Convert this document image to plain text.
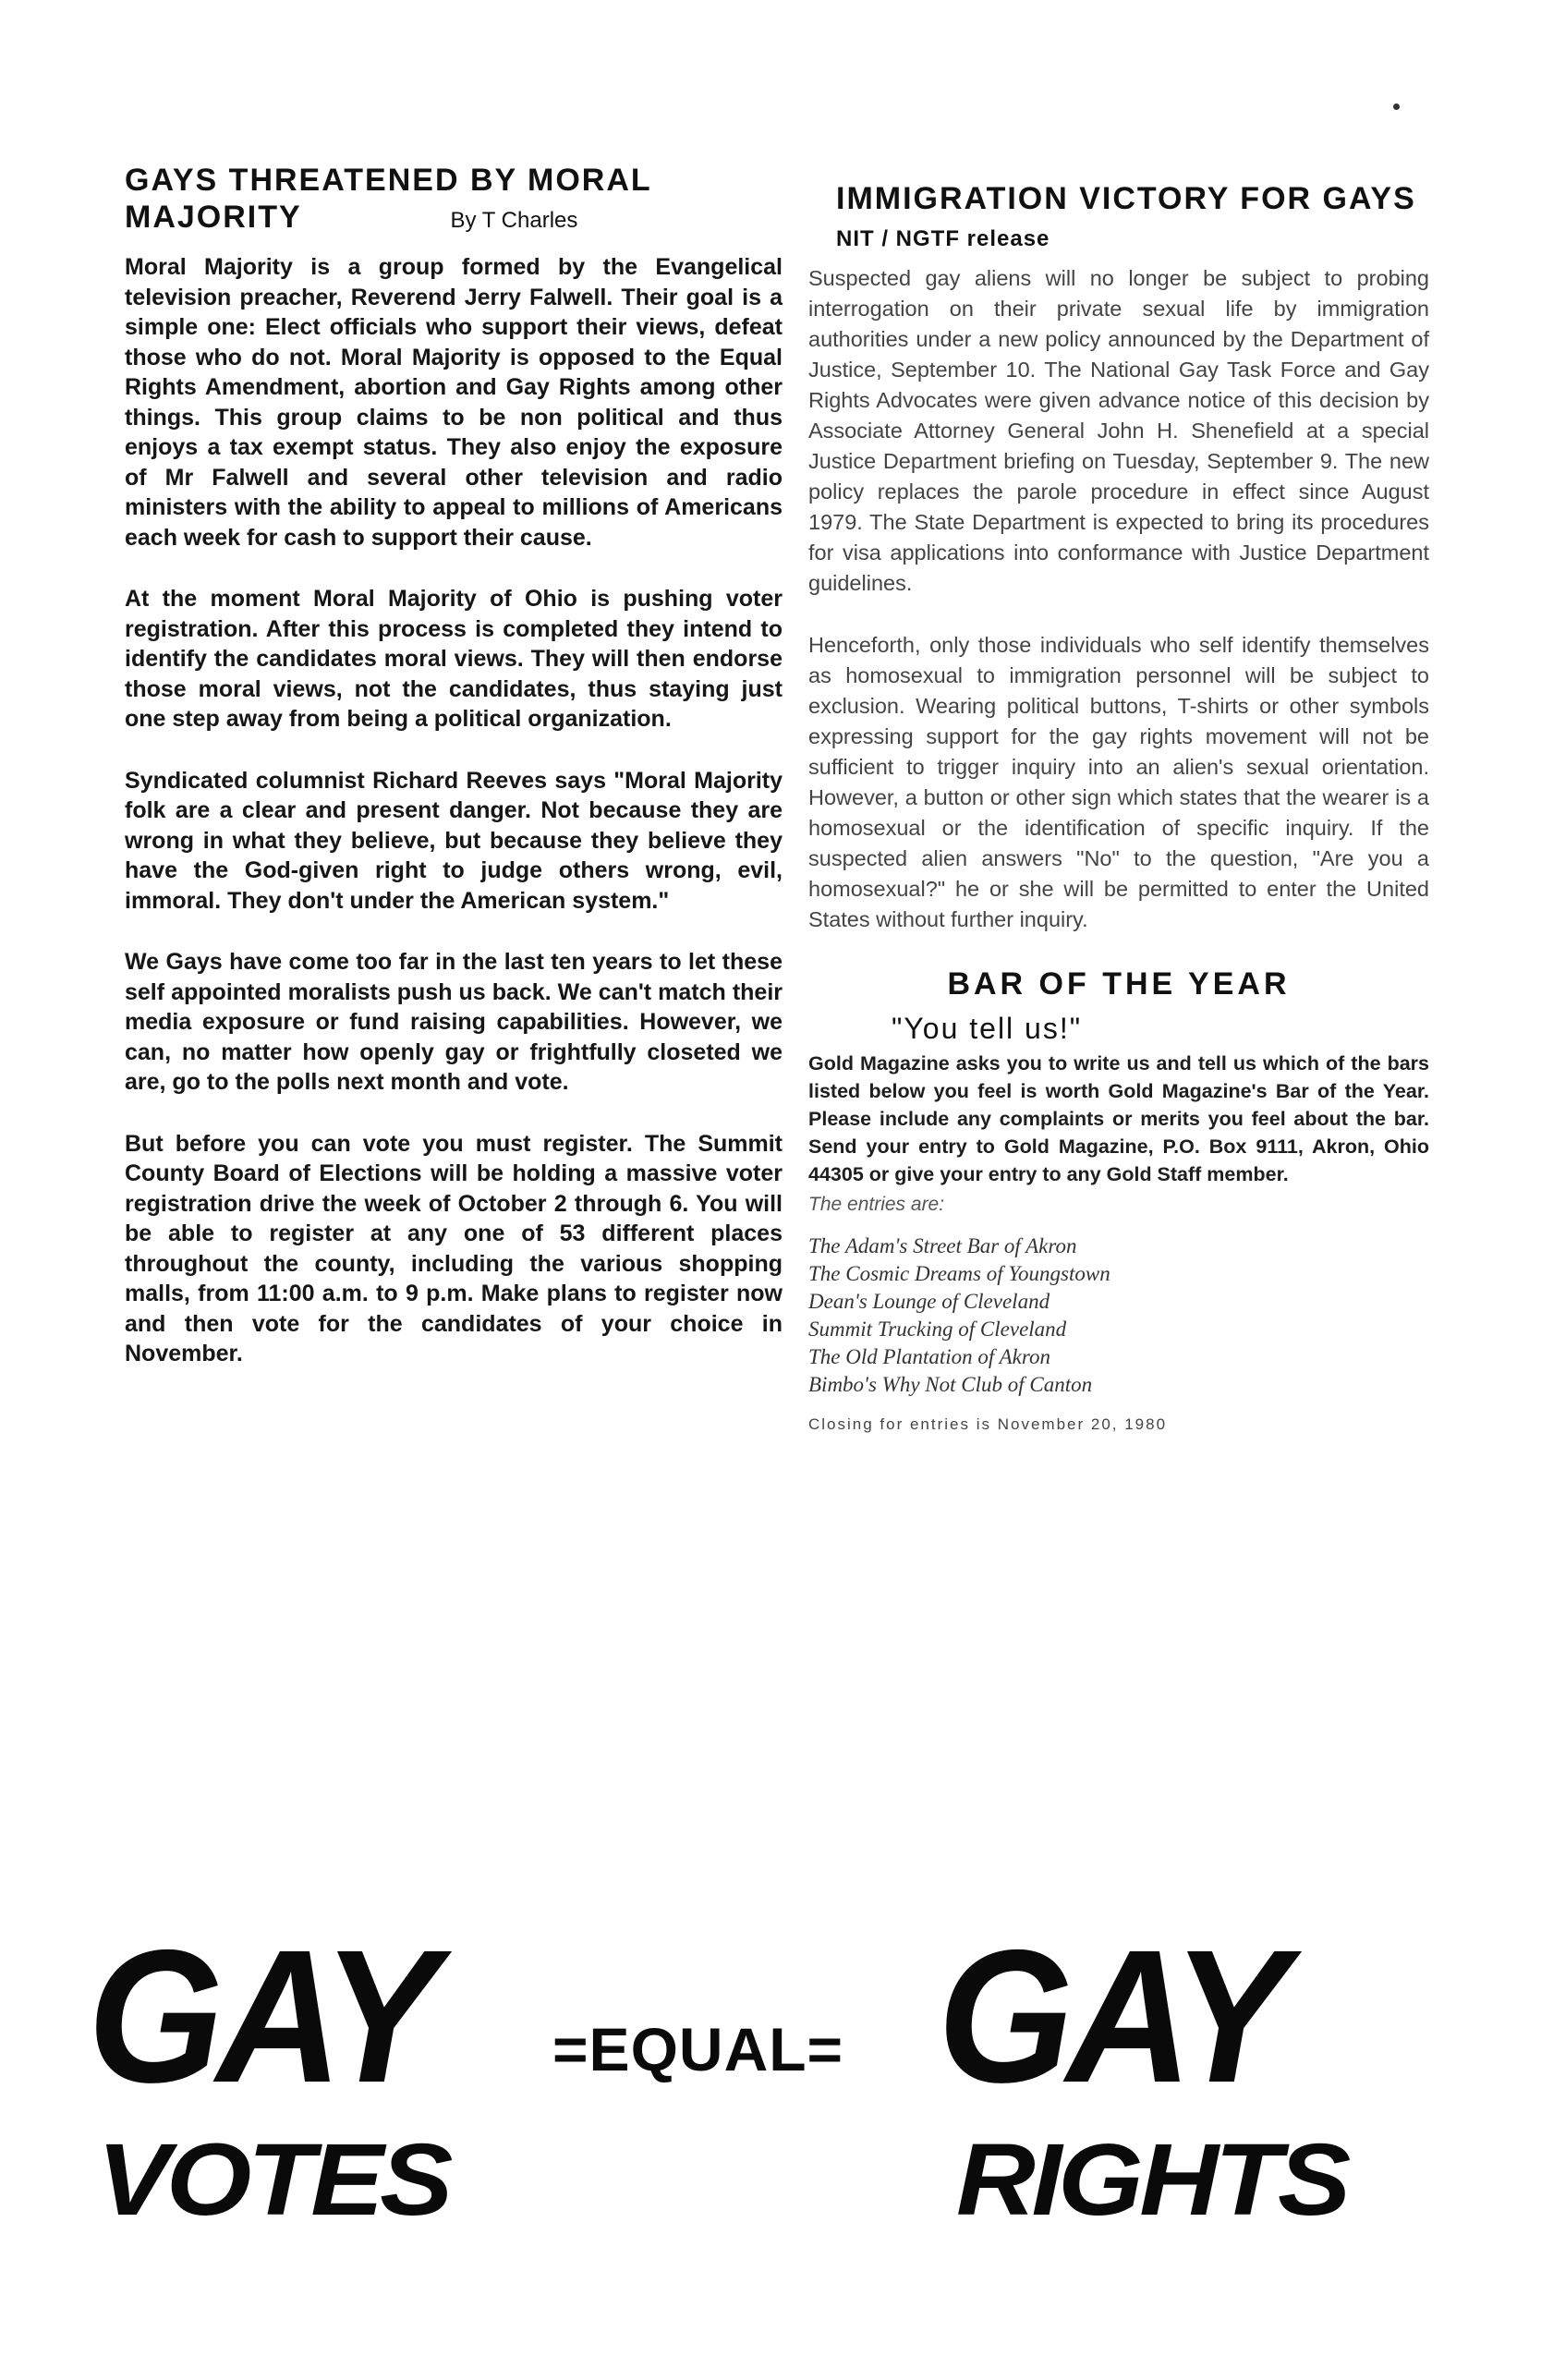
GAYS THREATENED BY MORAL MAJORITY	By T Charles

Moral Majority is a group formed by the Evangelical television preacher, Reverend Jerry Falwell. Their goal is a simple one: Elect officials who support their views, defeat those who do not. Moral Majority is opposed to the Equal Rights Amendment, abortion and Gay Rights among other things. This group claims to be non political and thus enjoys a tax exempt status. They also enjoy the exposure of Mr Falwell and several other television and radio ministers with the ability to appeal to millions of Americans each week for cash to support their cause.

At the moment Moral Majority of Ohio is pushing voter registration. After this process is completed they intend to identify the candidates moral views. They will then endorse those moral views, not the candidates, thus staying just one step away from being a political organization.

Syndicated columnist Richard Reeves says "Moral Majority folk are a clear and present danger. Not because they are wrong in what they believe, but because they believe they have the God-given right to judge others wrong, evil, immoral. They don't under the American system."

We Gays have come too far in the last ten years to let these self appointed moralists push us back. We can't match their media exposure or fund raising capabilities. However, we can, no matter how openly gay or frightfully closeted we are, go to the polls next month and vote.

But before you can vote you must register. The Summit County Board of Elections will be holding a massive voter registration drive the week of October 2 through 6. You will be able to register at any one of 53 different places throughout the county, including the various shopping malls, from 11:00 a.m. to 9 p.m. Make plans to register now and then vote for the candidates of your choice in November.

IMMIGRATION VICTORY FOR GAYS NIT / NGTF release

Suspected gay aliens will no longer be subject to probing interrogation on their private sexual life by immigration authorities under a new policy announced by the Department of Justice, September 10. The National Gay Task Force and Gay Rights Advocates were given advance notice of this decision by Associate Attorney General John H. Shenefield at a special Justice Department briefing on Tuesday, September 9. The new policy replaces the parole procedure in effect since August 1979. The State Department is expected to bring its procedures for visa applications into conformance with Justice Department guidelines.

Henceforth, only those individuals who self identify themselves as homosexual to immigration personnel will be subject to exclusion. Wearing political buttons, T-shirts or other symbols expressing support for the gay rights movement will not be sufficient to trigger inquiry into an alien's sexual orientation. However, a button or other sign which states that the wearer is a homosexual or the identification of specific inquiry. If the suspected alien answers "No" to the question, "Are you a homosexual?" he or she will be permitted to enter the United States without further inquiry.

BAR OF THE YEAR
"You tell us!"

Gold Magazine asks you to write us and tell us which of the bars listed below you feel is worth Gold Magazine's Bar of the Year. Please include any complaints or merits you feel about the bar. Send your entry to Gold Magazine, P.O. Box 9111, Akron, Ohio 44305 or give your entry to any Gold Staff member.

The entries are:
The Adam's Street Bar of Akron
The Cosmic Dreams of Youngstown
Dean's Lounge of Cleveland
Summit Trucking of Cleveland
The Old Plantation of Akron
Bimbo's Why Not Club of Canton
Closing for entries is November 20, 1980
GAY =EQUAL= GAY
VOTES	RIGHTS
